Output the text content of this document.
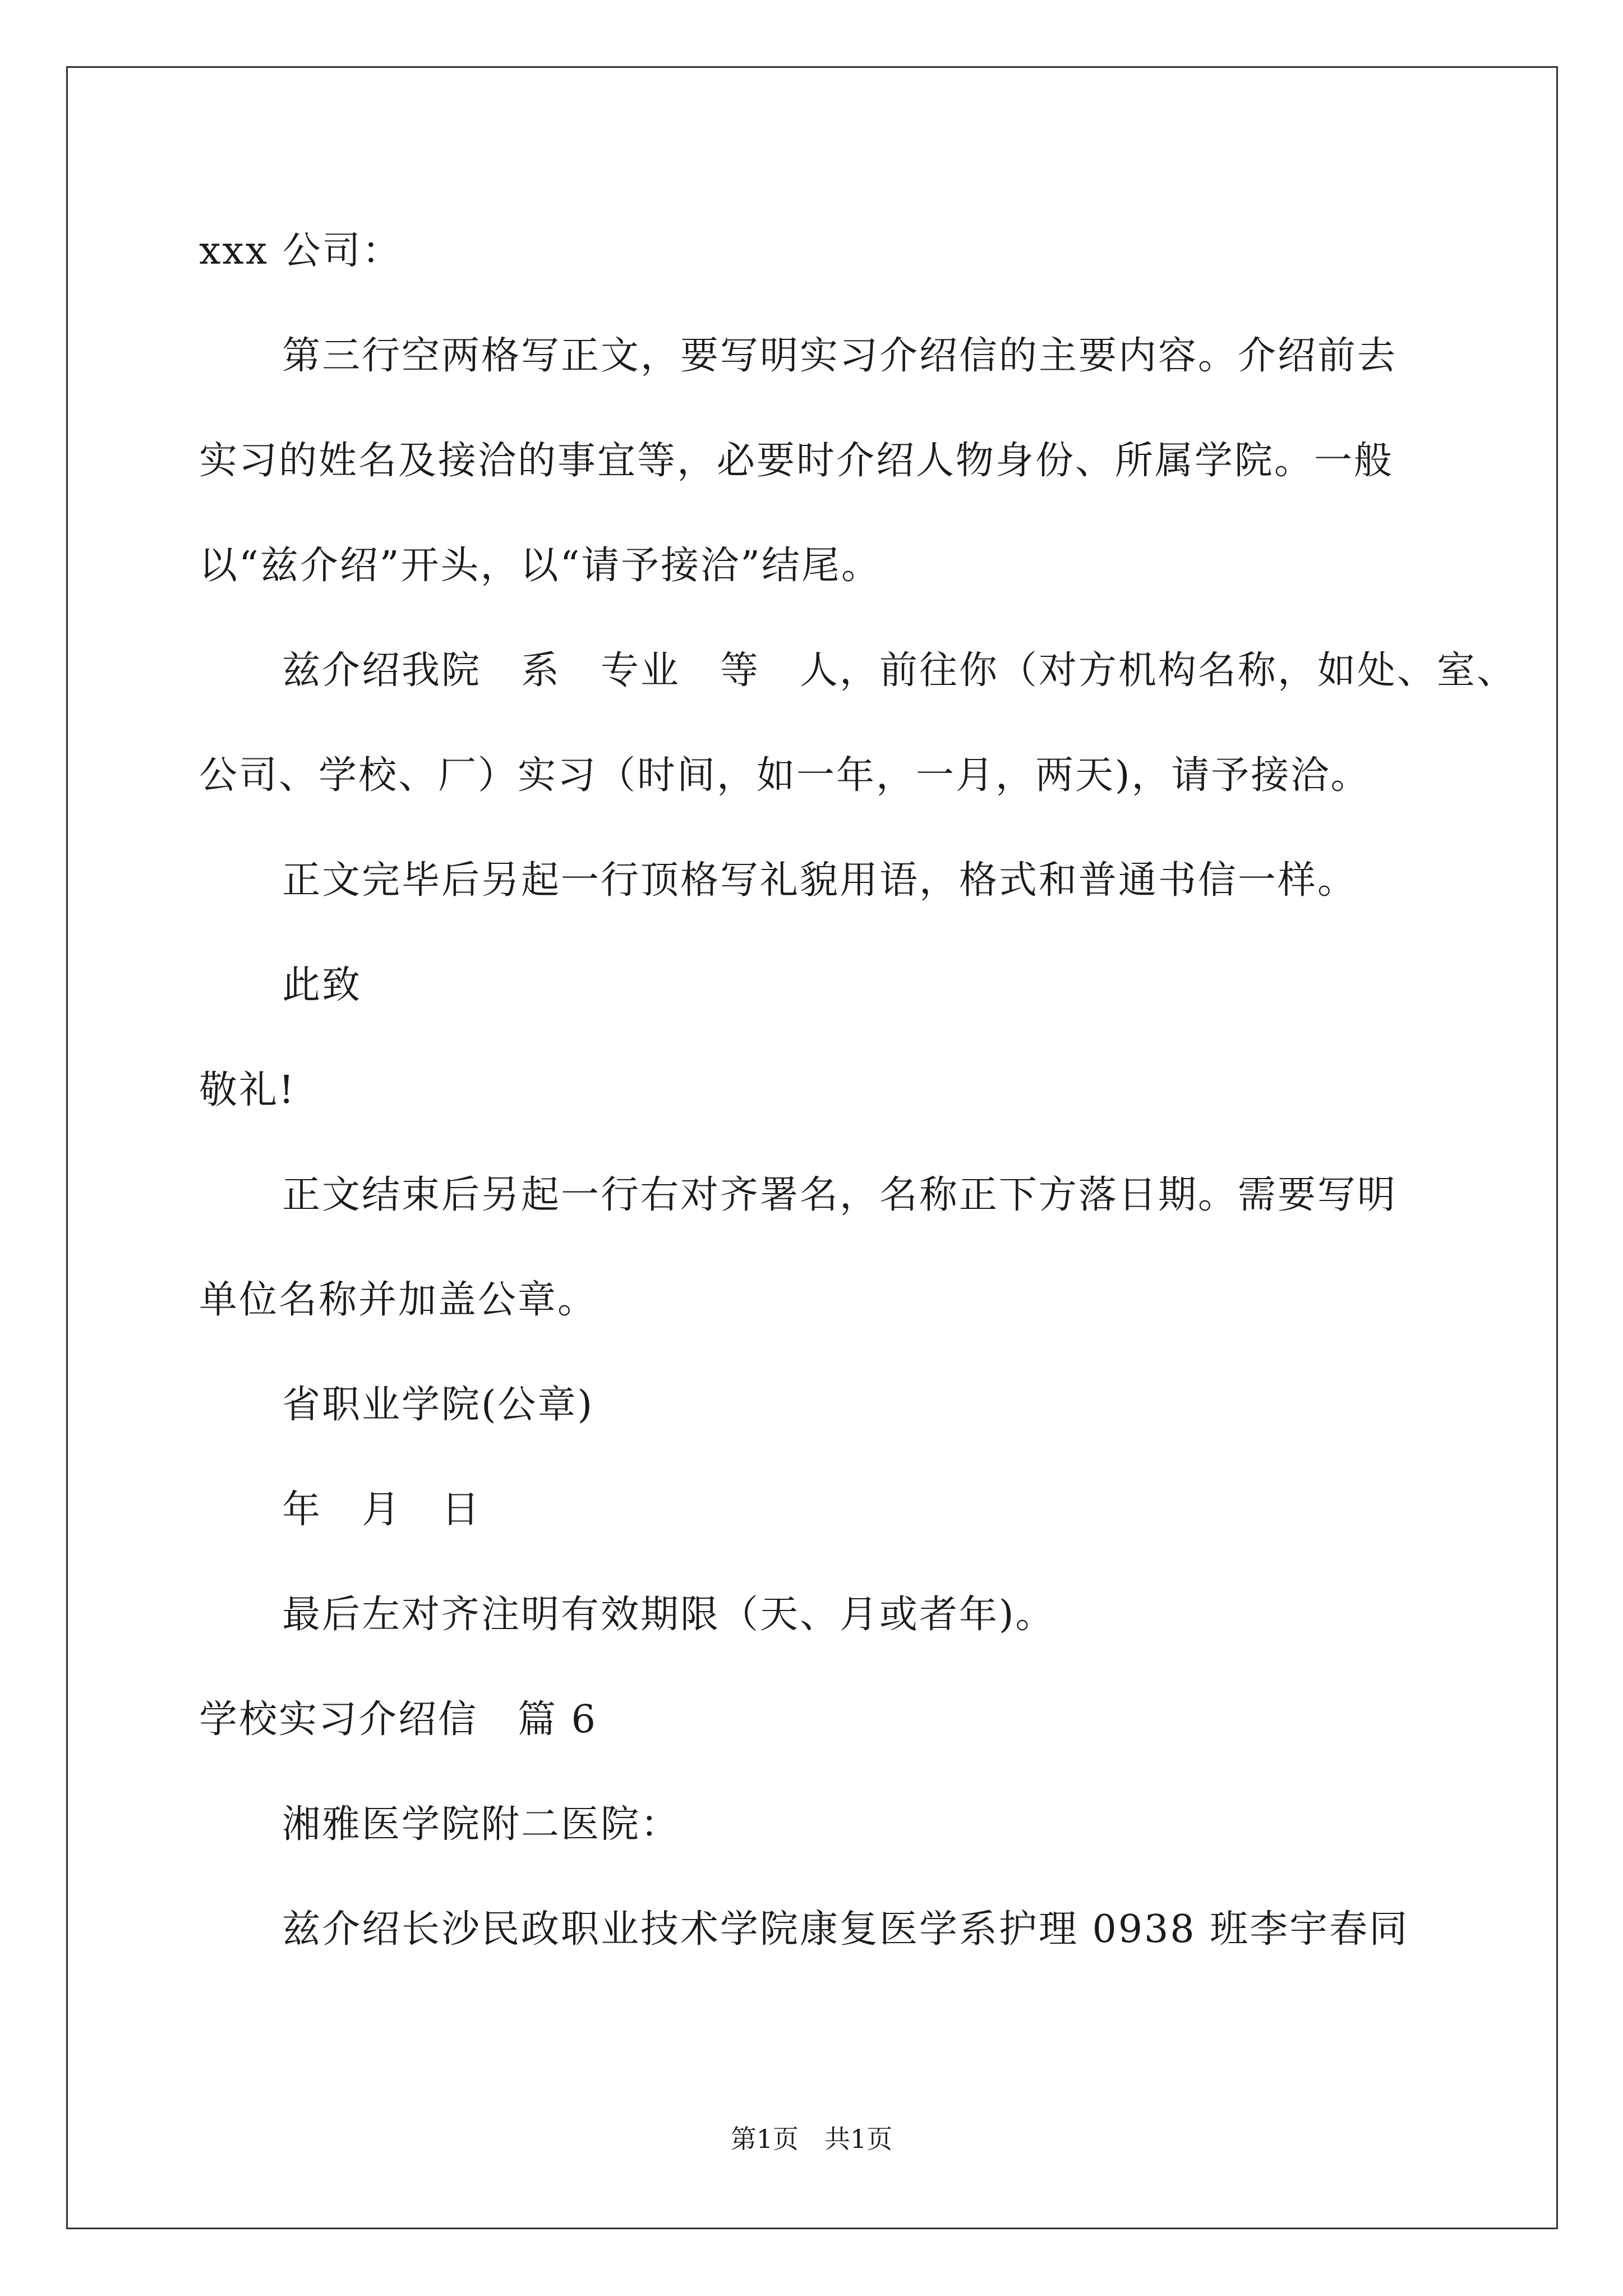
xxx 公司：
第三行空两格写正文，要写明实习介绍信的主要内容。介绍前去
实习的姓名及接洽的事宜等，必要时介绍人物身份、所属学院。一般
以“兹介绍”开头，以“请予接洽”结尾。
兹介绍我院　系　专业　等　人，前往你（对方机构名称，如处、室、
公司、学校、厂）实习（时间，如一年，一月，两天)，请予接洽。
正文完毕后另起一行顶格写礼貌用语，格式和普通书信一样。
此致
敬礼!
正文结束后另起一行右对齐署名，名称正下方落日期。需要写明
单位名称并加盖公章。
省职业学院(公章)
年　月　日
最后左对齐注明有效期限（天、月或者年)。
学校实习介绍信　篇 6
湘雅医学院附二医院：
兹介绍长沙民政职业技术学院康复医学系护理 0938 班李宇春同
第1页　共1页
